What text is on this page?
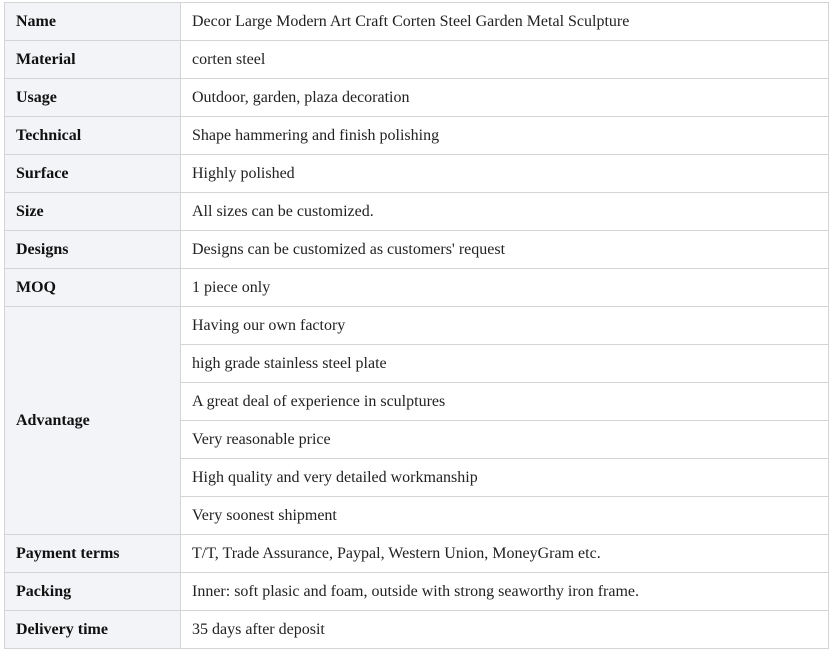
Name	Decor Large Modern Art Craft Corten Steel Garden Metal Sculpture
Material	corten steel
Usage	Outdoor, garden, plaza decoration
Technical	Shape hammering and finish polishing
Surface	Highly polished
Size	All sizes can be customized.
Designs	Designs can be customized as customers' request
MOQ	1 piece only
Advantage	Having our own factory
	high grade stainless steel plate
	A great deal of experience in sculptures
	Very reasonable price
	High quality and very detailed workmanship
	Very soonest shipment
Payment terms	T/T, Trade Assurance, Paypal, Western Union, MoneyGram etc.
Packing	Inner: soft plasic and foam, outside with strong seaworthy iron frame.
Delivery time	35 days after deposit
